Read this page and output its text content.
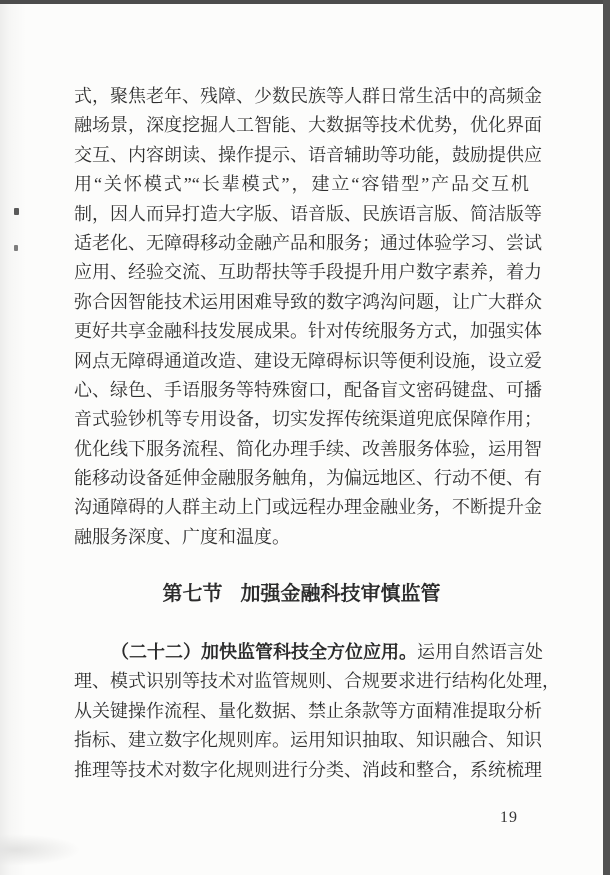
式，聚焦老年、残障、少数民族等人群日常生活中的高频金
融场景，深度挖掘人工智能、大数据等技术优势，优化界面
交互、内容朗读、操作提示、语音辅助等功能，鼓励提供应
用“关怀模式”“长辈模式”，建立“容错型”产品交互机
制，因人而异打造大字版、语音版、民族语言版、简洁版等
适老化、无障碍移动金融产品和服务；通过体验学习、尝试
应用、经验交流、互助帮扶等手段提升用户数字素养，着力
弥合因智能技术运用困难导致的数字鸿沟问题，让广大群众
更好共享金融科技发展成果。针对传统服务方式，加强实体
网点无障碍通道改造、建设无障碍标识等便利设施，设立爱
心、绿色、手语服务等特殊窗口，配备盲文密码键盘、可播
音式验钞机等专用设备，切实发挥传统渠道兜底保障作用；
优化线下服务流程、简化办理手续、改善服务体验，运用智
能移动设备延伸金融服务触角，为偏远地区、行动不便、有
沟通障碍的人群主动上门或远程办理金融业务，不断提升金
融服务深度、广度和温度。
第七节 加强金融科技审慎监管
（二十二）加快监管科技全方位应用。运用自然语言处
理、模式识别等技术对监管规则、合规要求进行结构化处理，
从关键操作流程、量化数据、禁止条款等方面精准提取分析
指标、建立数字化规则库。运用知识抽取、知识融合、知识
推理等技术对数字化规则进行分类、消歧和整合，系统梳理
19
